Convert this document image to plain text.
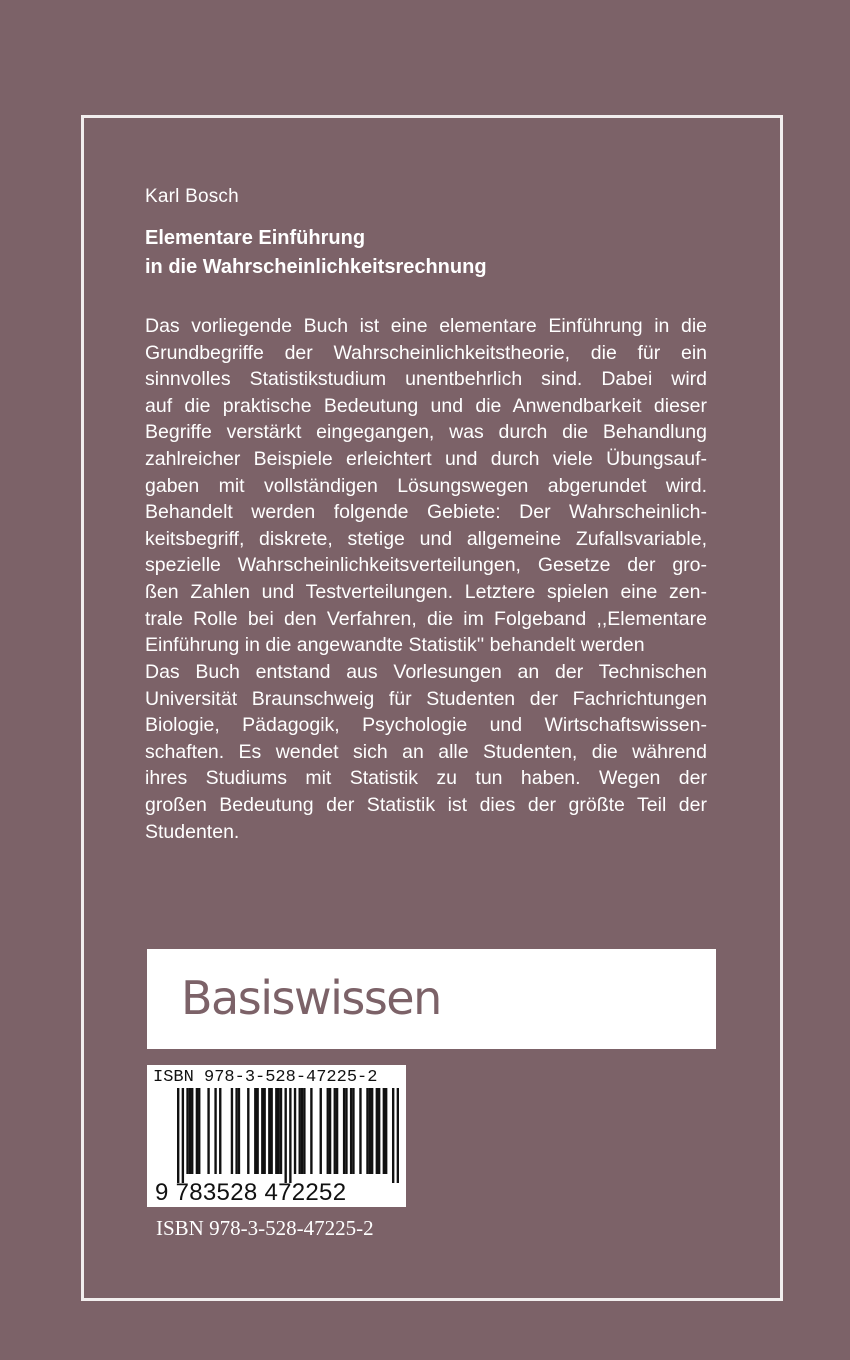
Karl Bosch
Elementare Einführung
in die Wahrscheinlichkeitsrechnung
Das vorliegende Buch ist eine elementare Einführung in die
Grundbegriffe der Wahrscheinlichkeitstheorie, die für ein
sinnvolles Statistikstudium unentbehrlich sind. Dabei wird
auf die praktische Bedeutung und die Anwendbarkeit dieser
Begriffe verstärkt eingegangen, was durch die Behandlung
zahlreicher Beispiele erleichtert und durch viele Übungsauf-
gaben mit vollständigen Lösungswegen abgerundet wird.
Behandelt werden folgende Gebiete: Der Wahrscheinlich-
keitsbegriff, diskrete, stetige und allgemeine Zufallsvariable,
spezielle Wahrscheinlichkeitsverteilungen, Gesetze der gro-
ßen Zahlen und Testverteilungen. Letztere spielen eine zen-
trale Rolle bei den Verfahren, die im Folgeband ,,Elementare
Einführung in die angewandte Statistik'' behandelt werden
Das Buch entstand aus Vorlesungen an der Technischen
Universität Braunschweig für Studenten der Fachrichtungen
Biologie, Pädagogik, Psychologie und Wirtschaftswissen-
schaften. Es wendet sich an alle Studenten, die während
ihres Studiums mit Statistik zu tun haben. Wegen der
großen Bedeutung der Statistik ist dies der größte Teil der
Studenten.
Basiswissen
ISBN 978-3-528-47225-2
9 783528 472252
ISBN 978-3-528-47225-2
